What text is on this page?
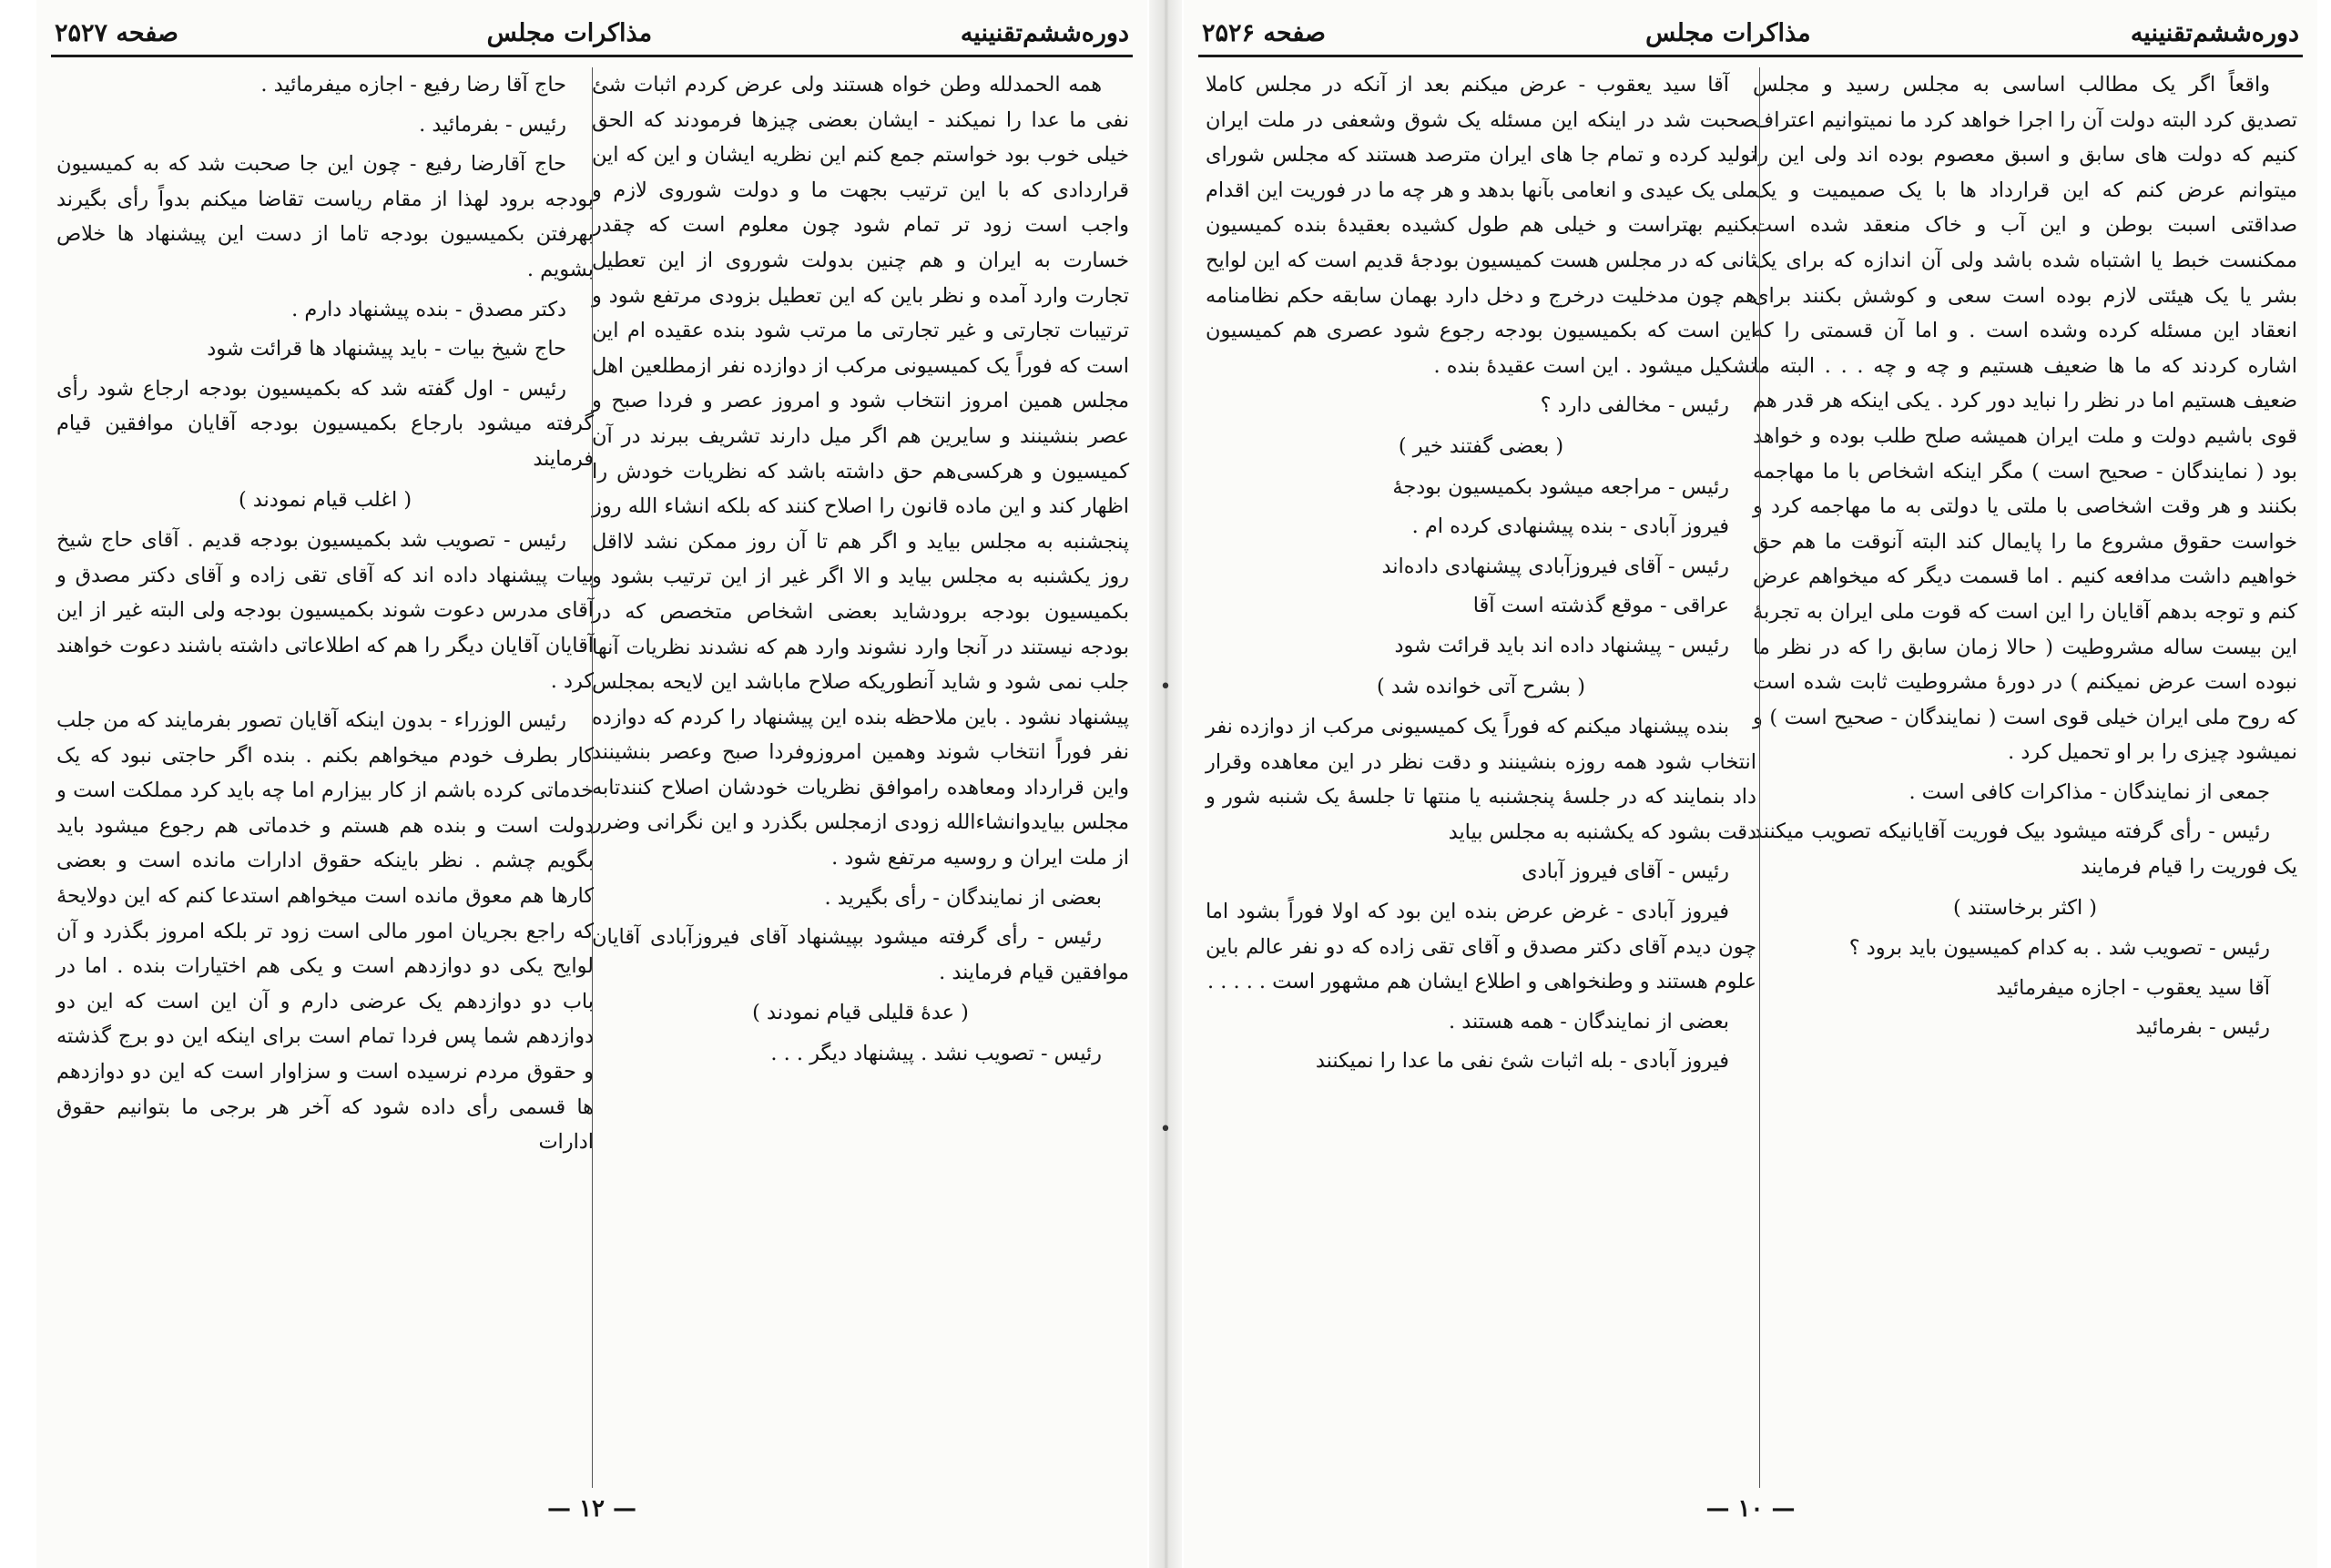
•
•
دوره‌ششم‌تقنینیه
مذاکرات مجلس
صفحه ۲۵۲۷

همه الحمدلله وطن خواه هستند ولی عرض کردم اثبات شئ نفی ما عدا را نمیکند - ایشان بعضی چیزها فرمودند که الحق خیلی خوب بود خواستم جمع کنم این نظریه ایشان و این که این قراردادی که با این ترتیب بجهت ما و دولت شوروی لازم و واجب است زود تر تمام شود چون معلوم است که چقدر خسارت به ایران و هم چنین بدولت شوروی از این تعطیل تجارت وارد آمده و نظر باین که این تعطیل بزودی مرتفع شود و ترتیبات تجارتی و غیر تجارتی ما مرتب شود بنده عقیده ام این است که فوراً یک کمیسیونی مرکب از دوازده نفر ازمطلعین اهل مجلس همین امروز انتخاب شود و امروز عصر و فردا صبح و عصر بنشینند و سایرین هم اگر میل دارند تشریف ببرند در آن کمیسیون و هرکسی‌هم حق داشته باشد که نظریات خودش را اظهار کند و این ماده قانون را اصلاح کنند که بلکه انشاء الله روز پنجشنبه به مجلس بیاید و اگر هم تا آن روز ممکن نشد لااقل روز یکشنبه به مجلس بیاید و الا اگر غیر از این ترتیب بشود و بکمیسیون بودجه برودشاید بعضی اشخاص متخصص که در بودجه نیستند در آنجا وارد نشوند وارد هم که نشدند نظریات آنها جلب نمی شود و شاید آنطوریکه صلاح ماباشد این لایحه بمجلس پیشنهاد نشود . باین ملاحظه بنده این پیشنهاد را کردم که دوازده نفر فوراً انتخاب شوند وهمین امروزوفردا صبح وعصر بنشینند واین قرارداد ومعاهده راموافق نظریات خودشان اصلاح کنندتابه مجلس بیایدوانشاءالله زودی ازمجلس بگذرد و این نگرانی وضرر از ملت ایران و روسیه مرتفع شود .

بعضی از نمایندگان - رأی بگیرید .

رئیس - رأی گرفته میشود بپیشنهاد آقای فیروزآبادی آقایان موافقین قیام فرمایند .

( عدهٔ قلیلی قیام نمودند )

رئیس - تصویب نشد . پیشنهاد دیگر . . .

حاج آقا رضا رفیع - اجازه میفرمائید .

رئیس - بفرمائید .

حاج آقارضا رفیع - چون این جا صحبت شد که به کمیسیون بودجه برود لهذا از مقام ریاست تقاضا میکنم بدواً رأی بگیرند بهرفتن بکمیسیون بودجه تاما از دست این پیشنهاد ها خلاص بشویم .

دکتر مصدق - بنده پیشنهاد دارم .

حاج شیخ بیات - باید پیشنهاد ها قرائت شود

رئیس - اول گفته شد که بکمیسیون بودجه ارجاع شود رأی گرفته میشود بارجاع بکمیسیون بودجه آقایان موافقین قیام فرمایند

( اغلب قیام نمودند )

رئیس - تصویب شد بکمیسیون بودجه قدیم . آقای حاج شیخ بیات پیشنهاد داده اند که آقای تقی زاده و آقای دکتر مصدق و آقای مدرس دعوت شوند بکمیسیون بودجه ولی البته غیر از این آقایان آقایان دیگر را هم که اطلاعاتی داشته باشند دعوت خواهند کرد .

رئیس الوزراء - بدون اینکه آقایان تصور بفرمایند که من جلب کار بطرف خودم میخواهم بکنم . بنده اگر حاجتی نبود که یک خدماتی کرده باشم از کار بیزارم اما چه باید کرد مملکت است و دولت است و بنده هم هستم و خدماتی هم رجوع میشود باید بگویم چشم . نظر باینکه حقوق ادارات مانده است و بعضی کارها هم معوق مانده است میخواهم استدعا کنم که این دولایحهٔ که راجع بجریان امور مالی است زود تر بلکه امروز بگذرد و آن لوایح یکی دو دوازدهم است و یکی هم اختیارات بنده . اما در باب دو دوازدهم یک عرضی دارم و آن این است که این دو دوازدهم شما پس فردا تمام است برای اینکه این دو برج گذشته و حقوق مردم نرسیده است و سزاوار است که این دو دوازدهم ها قسمی رأی داده شود که آخر هر برجی ما بتوانیم حقوق ادارات

— ۱۲ —
دوره‌ششم‌تقنینیه
مذاکرات مجلس
صفحه ۲۵۲۶

واقعاً اگر یک مطالب اساسی به مجلس رسید و مجلس تصدیق کرد البته دولت آن را اجرا خواهد کرد ما نمیتوانیم اعتراف کنیم که دولت های سابق و اسبق معصوم بوده اند ولی این را میتوانم عرض کنم که این قرارداد ها با یک صمیمیت و یک صداقتی اسبت بوطن و این آب و خاک منعقد شده است ممکنست خبط یا اشتباه شده باشد ولی آن اندازه که برای یک بشر یا یک هیئتی لازم بوده است سعی و کوشش بکنند برای انعقاد این مسئله کرده وشده است . و اما آن قسمتی را که اشاره کردند که ما ها ضعیف هستیم و چه و چه . . . البته ما ضعیف هستیم اما در نظر را نباید دور کرد . یکی اینکه هر قدر هم قوی باشیم دولت و ملت ایران همیشه صلح طلب بوده و خواهد بود ( نمایندگان - صحیح است ) مگر اینکه اشخاص با ما مهاجمه بکنند و هر وقت اشخاصی با ملتی یا دولتی به ما مهاجمه کرد و خواست حقوق مشروع ما را پایمال کند البته آنوقت ما هم حق خواهیم داشت مدافعه کنیم . اما قسمت دیگر که میخواهم عرض کنم و توجه بدهم آقایان را این است که قوت ملی ایران به تجربهٔ این بیست ساله مشروطیت ( حالا زمان سابق را که در نظر ما نبوده است عرض نمیکنم ) در دورهٔ مشروطیت ثابت شده است که روح ملی ایران خیلی قوی است ( نمایندگان - صحیح است ) و نمیشود چیزی را بر او تحمیل کرد .

جمعی از نمایندگان - مذاکرات کافی است .

رئیس - رأی گرفته میشود بیک فوریت آقایانیکه تصویب میکنند یک فوریت را قیام فرمایند

( اکثر برخاستند )

رئیس - تصویب شد . به کدام کمیسیون باید برود ؟

آقا سید یعقوب - اجازه میفرمائید

رئیس - بفرمائید

آقا سید یعقوب - عرض میکنم بعد از آنکه در مجلس کاملا صحبت شد در اینکه این مسئله یک شوق وشعفی در ملت ایران تولید کرده و تمام جا های ایران مترصد هستند که مجلس شورای ملی یک عیدی و انعامی بآنها بدهد و هر چه ما در فوریت این اقدام بکنیم بهتراست و خیلی هم طول کشیده بعقیدهٔ بنده کمیسیون ثانی که در مجلس هست کمیسیون بودجهٔ قدیم است که این لوایح هم چون مدخلیت درخرج و دخل دارد بهمان سابقه حکم نظامنامه این است که بکمیسیون بودجه رجوع شود عصری هم کمیسیون تشکیل میشود . این است عقیدهٔ بنده .

رئیس - مخالفی دارد ؟

( بعضی گفتند خیر )

رئیس - مراجعه میشود بکمیسیون بودجهٔ

فیروز آبادی - بنده پیشنهادی کرده ام .

رئیس - آقای فیروزآبادی پیشنهادی داده‌اند

عراقی - موقع گذشته است آقا

رئیس - پیشنهاد داده اند باید قرائت شود

( بشرح آتی خوانده شد )

بنده پیشنهاد میکنم که فوراً یک کمیسیونی مرکب از دوازده نفر انتخاب شود همه روزه بنشینند و دقت نظر در این معاهده وقرار داد بنمایند که در جلسهٔ پنجشنبه یا منتها تا جلسهٔ یک شنبه شور و دقت بشود که یکشنبه به مجلس بیاید

رئیس - آقای فیروز آبادی

فیروز آبادی - غرض عرض بنده این بود که اولا فوراً بشود اما چون دیدم آقای دکتر مصدق و آقای تقی زاده که دو نفر عالم باین علوم هستند و وطنخواهی و اطلاع ایشان هم مشهور است . . . . .

بعضی از نمایندگان - همه هستند .

فیروز آبادی - بله اثبات شئ نفی ما عدا را نمیکنند

— ۱۰ —
